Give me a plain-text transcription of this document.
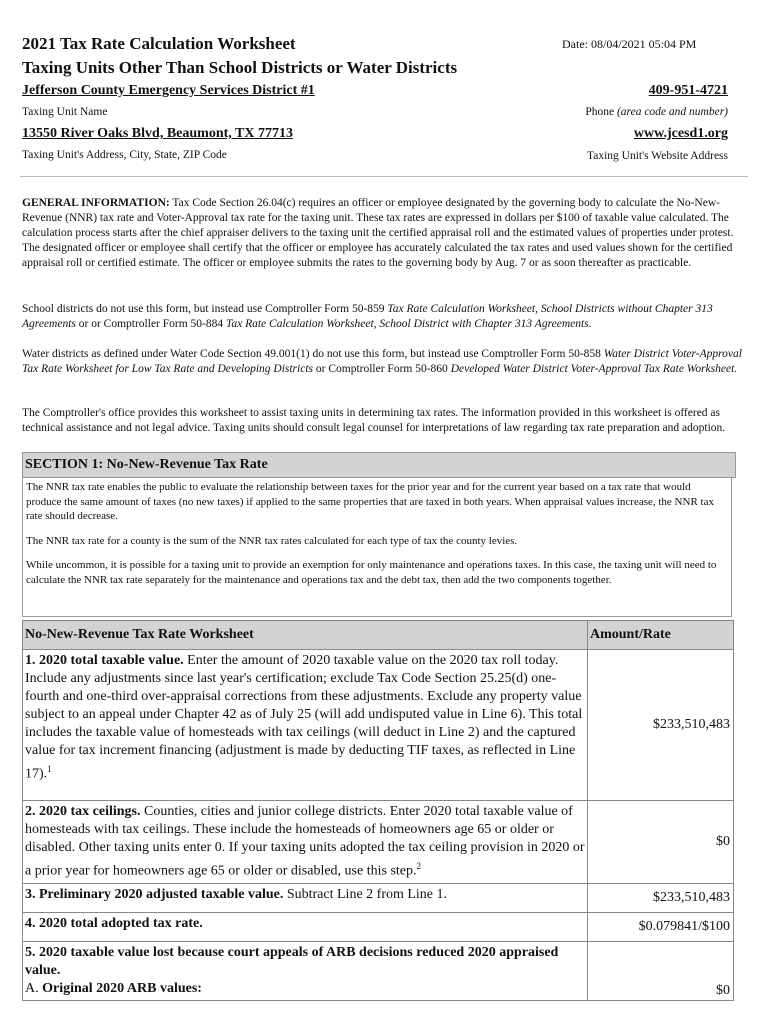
2021 Tax Rate Calculation Worksheet
Taxing Units Other Than School Districts or Water Districts
Date: 08/04/2021 05:04 PM
Jefferson County Emergency Services District #1
Taxing Unit Name
409-951-4721
Phone (area code and number)
13550 River Oaks Blvd, Beaumont, TX 77713
Taxing Unit's Address, City, State, ZIP Code
www.jcesd1.org
Taxing Unit's Website Address
GENERAL INFORMATION: Tax Code Section 26.04(c) requires an officer or employee designated by the governing body to calculate the No-New-Revenue (NNR) tax rate and Voter-Approval tax rate for the taxing unit. These tax rates are expressed in dollars per $100 of taxable value calculated. The calculation process starts after the chief appraiser delivers to the taxing unit the certified appraisal roll and the estimated values of properties under protest. The designated officer or employee shall certify that the officer or employee has accurately calculated the tax rates and used values shown for the certified appraisal roll or certified estimate. The officer or employee submits the rates to the governing body by Aug. 7 or as soon thereafter as practicable.
School districts do not use this form, but instead use Comptroller Form 50-859 Tax Rate Calculation Worksheet, School Districts without Chapter 313 Agreements or or Comptroller Form 50-884 Tax Rate Calculation Worksheet, School District with Chapter 313 Agreements.
Water districts as defined under Water Code Section 49.001(1) do not use this form, but instead use Comptroller Form 50-858 Water District Voter-Approval Tax Rate Worksheet for Low Tax Rate and Developing Districts or Comptroller Form 50-860 Developed Water District Voter-Approval Tax Rate Worksheet.
The Comptroller's office provides this worksheet to assist taxing units in determining tax rates. The information provided in this worksheet is offered as technical assistance and not legal advice. Taxing units should consult legal counsel for interpretations of law regarding tax rate preparation and adoption.
SECTION 1: No-New-Revenue Tax Rate

The NNR tax rate enables the public to evaluate the relationship between taxes for the prior year and for the current year based on a tax rate that would produce the same amount of taxes (no new taxes) if applied to the same properties that are taxed in both years. When appraisal values increase, the NNR tax rate should decrease.

The NNR tax rate for a county is the sum of the NNR tax rates calculated for each type of tax the county levies.

While uncommon, it is possible for a taxing unit to provide an exemption for only maintenance and operations taxes. In this case, the taxing unit will need to calculate the NNR tax rate separately for the maintenance and operations tax and the debt tax, then add the two components together.

No-New-Revenue Tax Rate Worksheet	Amount/Rate
1. 2020 total taxable value. Enter the amount of 2020 taxable value on the 2020 tax roll today. Include any adjustments since last year's certification; exclude Tax Code Section 25.25(d) one-fourth and one-third over-appraisal corrections from these adjustments. Exclude any property value subject to an appeal under Chapter 42 as of July 25 (will add undisputed value in Line 6). This total includes the taxable value of homesteads with tax ceilings (will deduct in Line 2) and the captured value for tax increment financing (adjustment is made by deducting TIF taxes, as reflected in Line 17).$^1$	$233,510,483
2. 2020 tax ceilings. Counties, cities and junior college districts. Enter 2020 total taxable value of homesteads with tax ceilings. These include the homesteads of homeowners age 65 or older or disabled. Other taxing units enter 0. If your taxing units adopted the tax ceiling provision in 2020 or a prior year for homeowners age 65 or older or disabled, use this step.$^2$	$0
3. Preliminary 2020 adjusted taxable value. Subtract Line 2 from Line 1.	$233,510,483
4. 2020 total adopted tax rate.	$0.079841/$100
5. 2020 taxable value lost because court appeals of ARB decisions reduced 2020 appraised value.
A. Original 2020 ARB values:	$0
